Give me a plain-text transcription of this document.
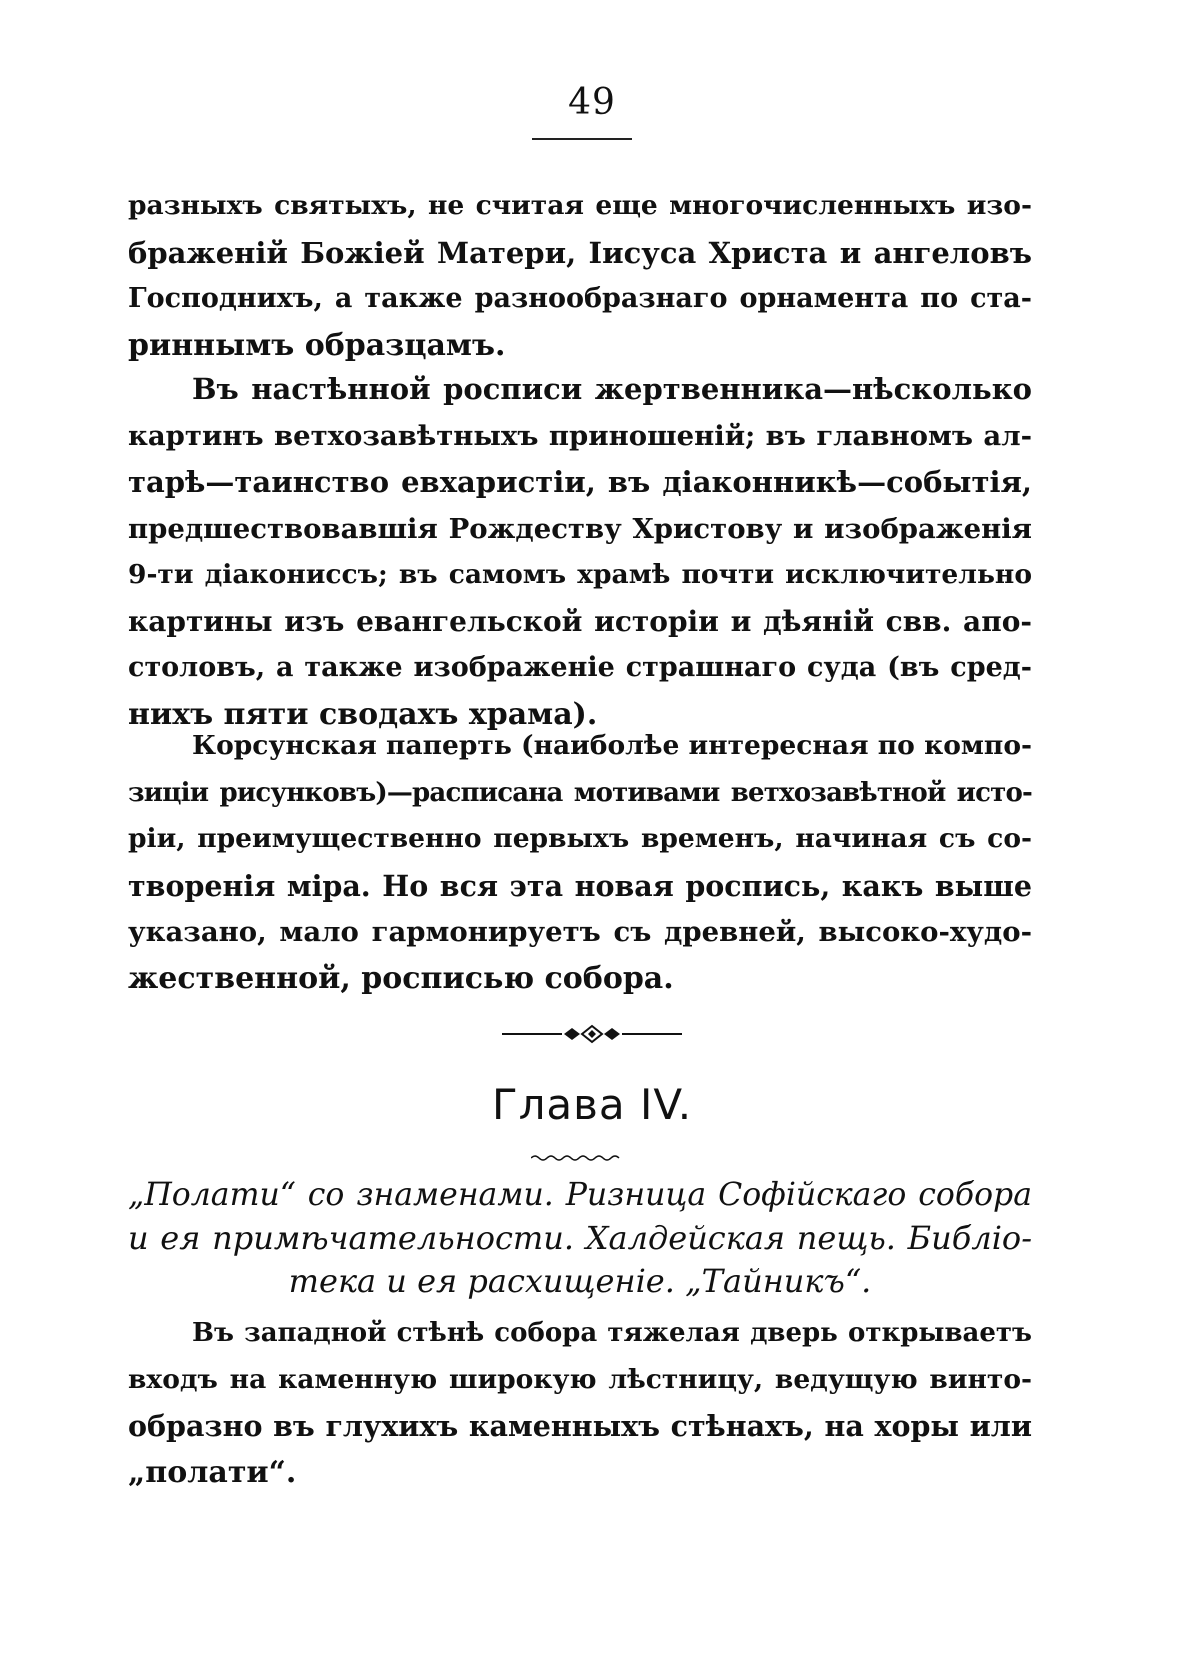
49
разныхъ святыхъ, не считая еще многочисленныхъ изо-
браженій Божіей Матери, Іисуса Христа и ангеловъ
Господнихъ, а также разнообразнаго орнамента по ста-
риннымъ образцамъ.
Въ настѣнной росписи жертвенника—нѣсколько
картинъ ветхозавѣтныхъ приношеній; въ главномъ ал-
тарѣ—таинство евхаристіи, въ діаконникѣ—событія,
предшествовавшія Рождеству Христову и изображенія
9-ти діакониссъ; въ самомъ храмѣ почти исключительно
картины изъ евангельской исторіи и дѣяній свв. апо-
столовъ, а также изображеніе страшнаго суда (въ сред-
нихъ пяти сводахъ храма).
Корсунская паперть (наиболѣе интересная по компо-
зиціи рисунковъ)—расписана мотивами ветхозавѣтной исто-
ріи, преимущественно первыхъ временъ, начиная съ со-
творенія міра. Но вся эта новая роспись, какъ выше
указано, мало гармонируетъ съ древней, высоко-худо-
жественной, росписью собора.
Глава IV.
„Полати“ со знаменами. Ризница Софійскаго собора
и ея примѣчательности. Халдейская пещь. Библіо-
тека и ея расхищеніе. „Тайникъ“.
Въ западной стѣнѣ собора тяжелая дверь открываетъ
входъ на каменную широкую лѣстницу, ведущую винто-
образно въ глухихъ каменныхъ стѣнахъ, на хоры или
„полати“.
